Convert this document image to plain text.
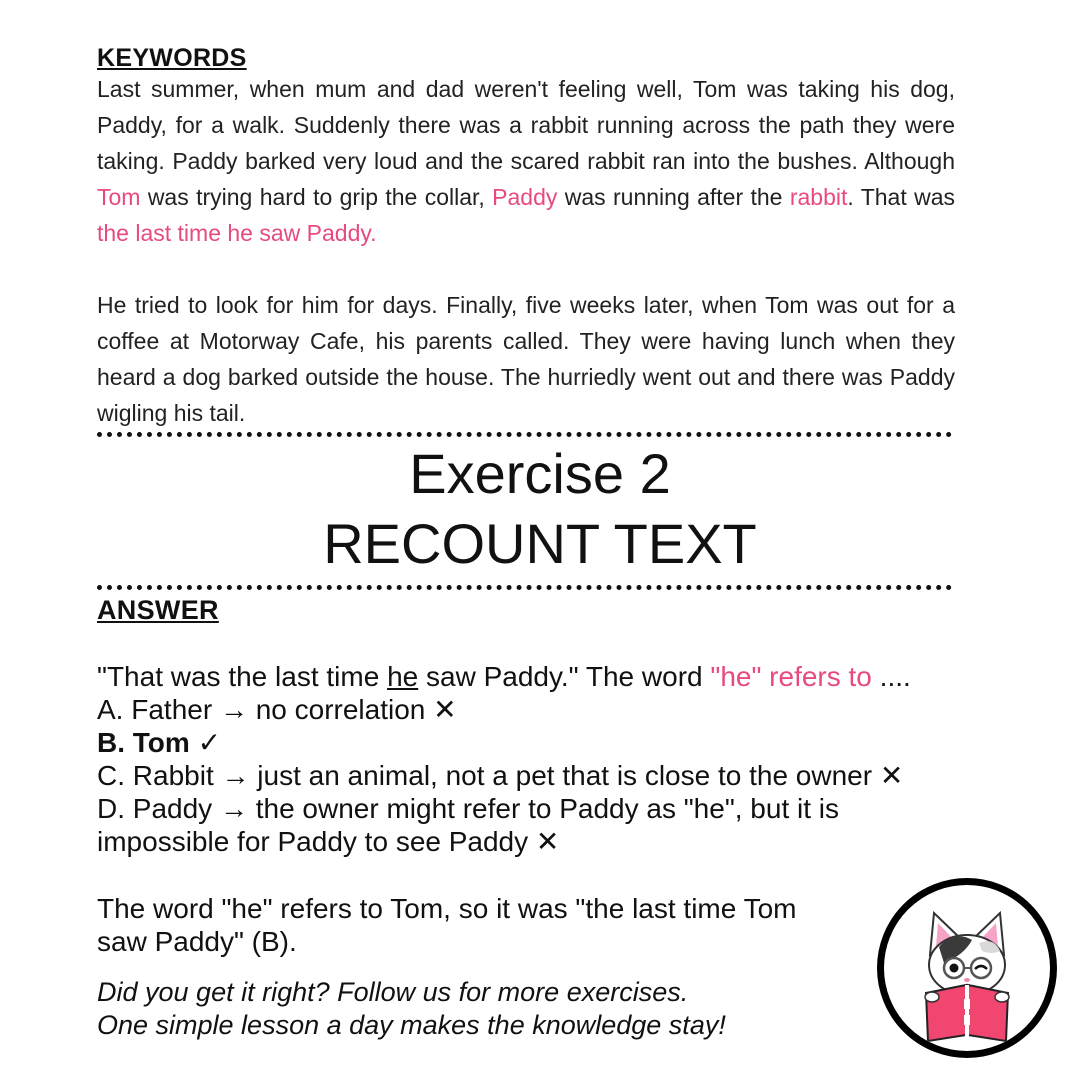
KEYWORDS

Last summer, when mum and dad weren't feeling well, Tom was taking his dog, Paddy, for a walk. Suddenly there was a rabbit running across the path they were taking. Paddy barked very loud and the scared rabbit ran into the bushes. Although Tom was trying hard to grip the collar, Paddy was running after the rabbit. That was the last time he saw Paddy.

He tried to look for him for days. Finally, five weeks later, when Tom was out for a coffee at Motorway Cafe, his parents called. They were having lunch when they heard a dog barked outside the house. The hurriedly went out and there was Paddy wigling his tail.

Exercise 2
RECOUNT TEXT
ANSWER
"That was the last time he saw Paddy." The word "he" refers to ....
A. Father → no correlation ✕
B. Tom ✓
C. Rabbit → just an animal, not a pet that is close to the owner ✕
D. Paddy → the owner might refer to Paddy as "he", but it is
impossible for Paddy to see Paddy ✕
The word "he" refers to Tom, so it was "the last time Tom
saw Paddy" (B).
Did you get it right? Follow us for more exercises.
One simple lesson a day makes the knowledge stay!
